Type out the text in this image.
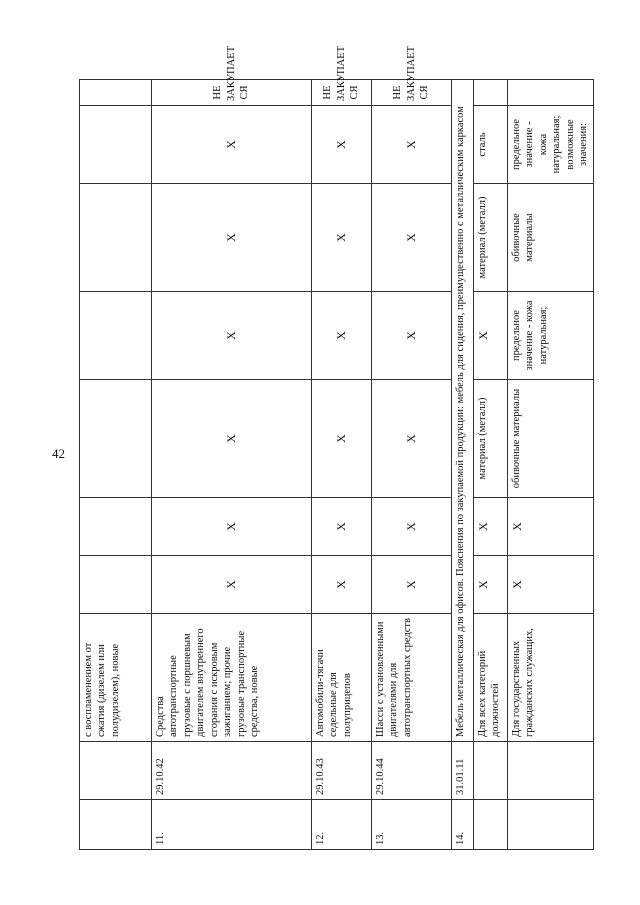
42
		с воспламенением от сжатия (дизелем или полудизелем), новые							
11.	29.10.42	Средства автотранспортные грузовые с поршневым двигателем внутреннего сгорания с искровым зажиганием; прочие грузовые транспортные средства, новые	X	X	X	X	X	X	НЕ ЗАКУПАЕТ СЯ
12.	29.10.43	Автомобили-тягачи седельные для полуприцепов	X	X	X	X	X	X	НЕ ЗАКУПАЕТ СЯ
13.	29.10.44	Шасси с установленными двигателями для автотранспортных средств	X	X	X	X	X	X	НЕ ЗАКУПАЕТ СЯ
14.	31.01.11	Мебель металлическая для офисов. Пояснения по закупаемой продукции: мебель для сидения, преимущественно с металлическим каркасом							
		Для всех категорий должностей	X	X	материал (металл)	X	материал (металл)	сталь	
		Для государственных гражданских служащих,	X	X	обивочные материалы	предельное значение - кожа натуральная;	обивочные материалы	предельное значение - кожа натуральная; возможные значения:	
